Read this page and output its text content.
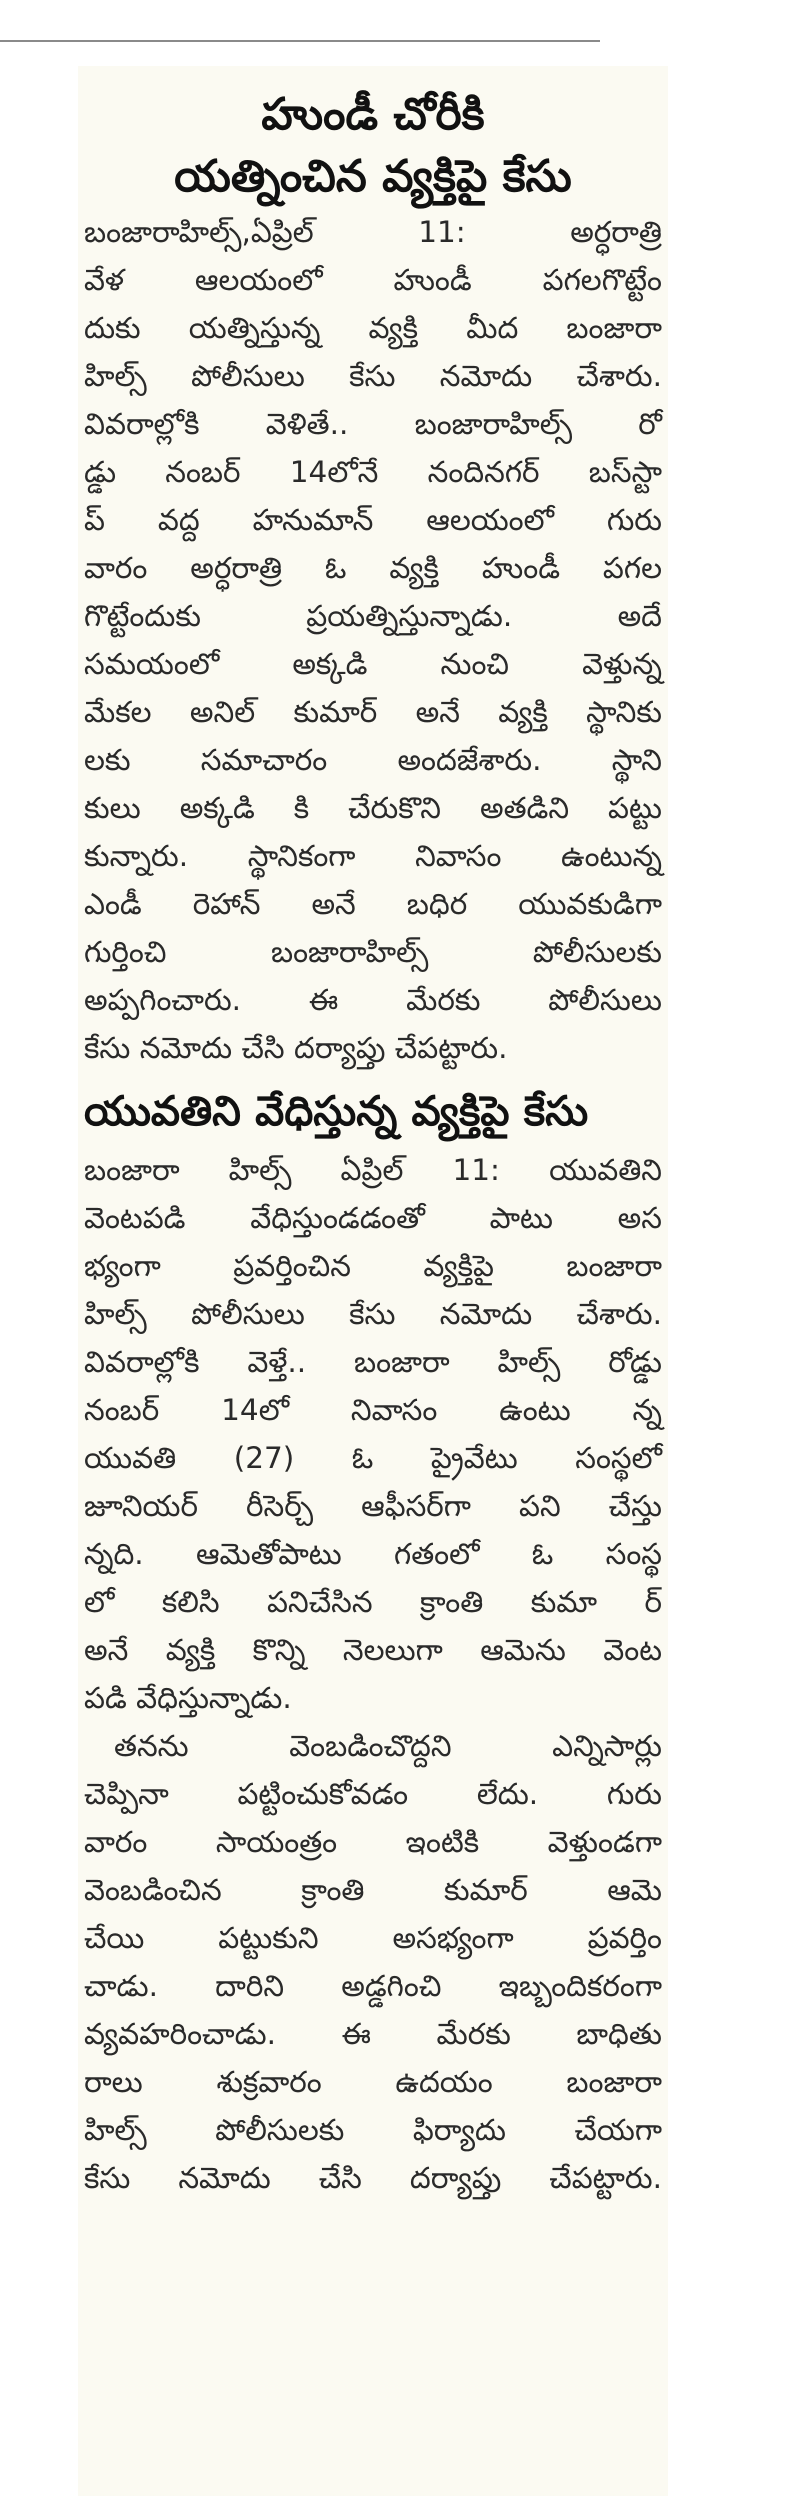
హుండీ చోరీకి
యత్నించిన వ్యక్తిపై కేసు

బంజారాహిల్స్,ఏప్రిల్ 11: అర్ధరాత్రి

వేళ ఆలయంలో హుండీ పగలగొట్టేం

దుకు యత్నిస్తున్న వ్యక్తి మీద బంజారా

హిల్స్ పోలీసులు కేసు నమోదు చేశారు.

వివరాల్లోకి వెళితే.. బంజారాహిల్స్ రో

డ్డు నంబర్ 14లోనే నందినగర్ బస్‌స్టా

ప్ వద్ద హనుమాన్ ఆలయంలో గురు

వారం అర్ధరాత్రి ఓ వ్యక్తి హుండీ పగల

గొట్టేందుకు ప్రయత్నిస్తున్నాడు. అదే

సమయంలో అక్కడి నుంచి వెళ్తున్న

మేకల అనిల్ కుమార్ అనే వ్యక్తి స్థానికు

లకు సమాచారం అందజేశారు. స్థాని

కులు అక్కడి కి చేరుకొని అతడిని పట్టు

కున్నారు. స్థానికంగా నివాసం ఉంటున్న

ఎండీ రెహాన్ అనే బధిర యువకుడిగా

గుర్తించి బంజారాహిల్స్ పోలీసులకు

అప్పగించారు. ఈ మేరకు పోలీసులు

కేసు నమోదు చేసి దర్యాప్తు చేపట్టారు.

యువతిని వేధిస్తున్న వ్యక్తిపై కేసు

బంజారా హిల్స్ ఏప్రిల్ 11: యువతిని

వెంటపడి వేధిస్తుండడంతో పాటు అస

భ్యంగా ప్రవర్తించిన వ్యక్తిపై బంజారా

హిల్స్ పోలీసులు కేసు నమోదు చేశారు.

వివరాల్లోకి వెళ్తే.. బంజారా హిల్స్ రోడ్డు

నంబర్ 14లో నివాసం ఉంటు న్న

యువతి (27) ఓ ప్రైవేటు సంస్థలో

జూనియర్ రీసెర్చ్ ఆఫీసర్‌గా పని చేస్తు

న్నది. ఆమెతోపాటు గతంలో ఓ సంస్థ

లో కలిసి పనిచేసిన క్రాంతి కుమా ర్

అనే వ్యక్తి కొన్ని నెలలుగా ఆమెను వెంట

పడి వేధిస్తున్నాడు.

తనను వెంబడించొద్దని ఎన్నిసార్లు

చెప్పినా పట్టించుకోవడం లేదు. గురు

వారం సాయంత్రం ఇంటికి వెళ్తుండగా

వెంబడించిన క్రాంతి కుమార్ ఆమె

చేయి పట్టుకుని అసభ్యంగా ప్రవర్తిం

చాడు. దారిని అడ్డగించి ఇబ్బందికరంగా

వ్యవహరించాడు. ఈ మేరకు బాధితు

రాలు శుక్రవారం ఉదయం బంజారా

హిల్స్ పోలీసులకు ఫిర్యాదు చేయగా

కేసు నమోదు చేసి దర్యాప్తు చేపట్టారు.
